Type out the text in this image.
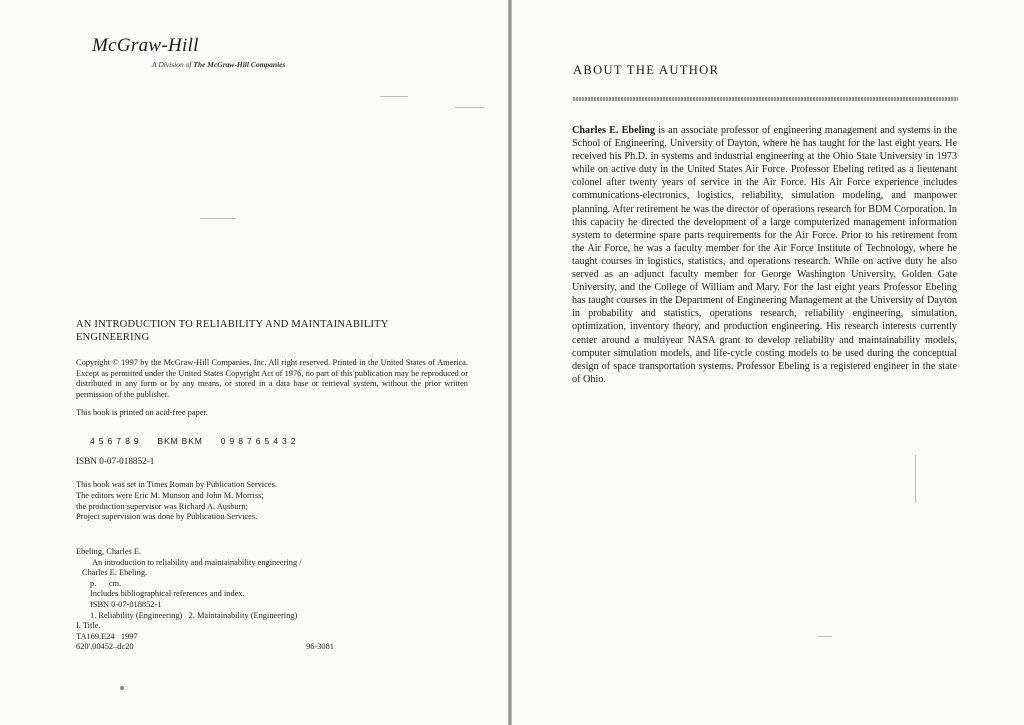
McGraw-Hill
A Division of The McGraw-Hill Companies
AN INTRODUCTION TO RELIABILITY AND MAINTAINABILITY
ENGINEERING
Copyright © 1997 by the McGraw-Hill Companies, Inc. All right reserved. Printed in the United States of America. Except as permitted under the United States Copyright Act of 1976, no part of this publication may be reproduced or distributed in any form or by any means, or stored in a data base or retrieval system, without the prior written permission of the publisher.
This book is printed on acid-free paper.
4 5 6 7 8 9 BKM BKM 0 9 8 7 6 5 4 3 2
ISBN 0-07-018852-1
This book was set in Times Roman by Publication Services.
The editors were Eric M. Munson and John M. Morriss;
the production supervisor was Richard A. Ausburn;
Project supervision was done by Publication Services.
Ebeling, Charles E.
An introduction to reliability and maintainability engineering /
Charles E. Ebeling.
p.      cm.
Includes bibliographical references and index.
ISBN 0-07-018852-1
1. Reliability (Engineering)   2. Maintainability (Engineering)
I. Title.
TA169.E24   1997
620'.00452–dc20	96-3081
ABOUT THE AUTHOR
Charles E. Ebeling is an associate professor of engineering management and systems in the School of Engineering, University of Dayton, where he has taught for the last eight years. He received his Ph.D. in systems and industrial engineering at the Ohio State University in 1973 while on active duty in the United States Air Force. Professor Ebeling retired as a lieutenant colonel after twenty years of service in the Air Force. His Air Force experience includes communications-electronics, logistics, reliability, simulation modeling, and manpower planning. After retirement he was the director of operations research for BDM Corporation. In this capacity he directed the development of a large computerized management information system to determine spare parts requirements for the Air Force. Prior to his retirement from the Air Force, he was a faculty member for the Air Force Institute of Technology, where he taught courses in logistics, statistics, and operations research. While on active duty he also served as an adjunct faculty member for George Washington University, Golden Gate University, and the College of William and Mary. For the last eight years Professor Ebeling has taught courses in the Department of Engineering Management at the University of Dayton in probability and statistics, operations research, reliability engineering, simulation, optimization, inventory theory, and production engineering. His research interests currently center around a multiyear NASA grant to develop reliability and maintainability models, computer simulation models, and life-cycle costing models to be used during the conceptual design of space transportation systems. Professor Ebeling is a registered engineer in the state of Ohio.
